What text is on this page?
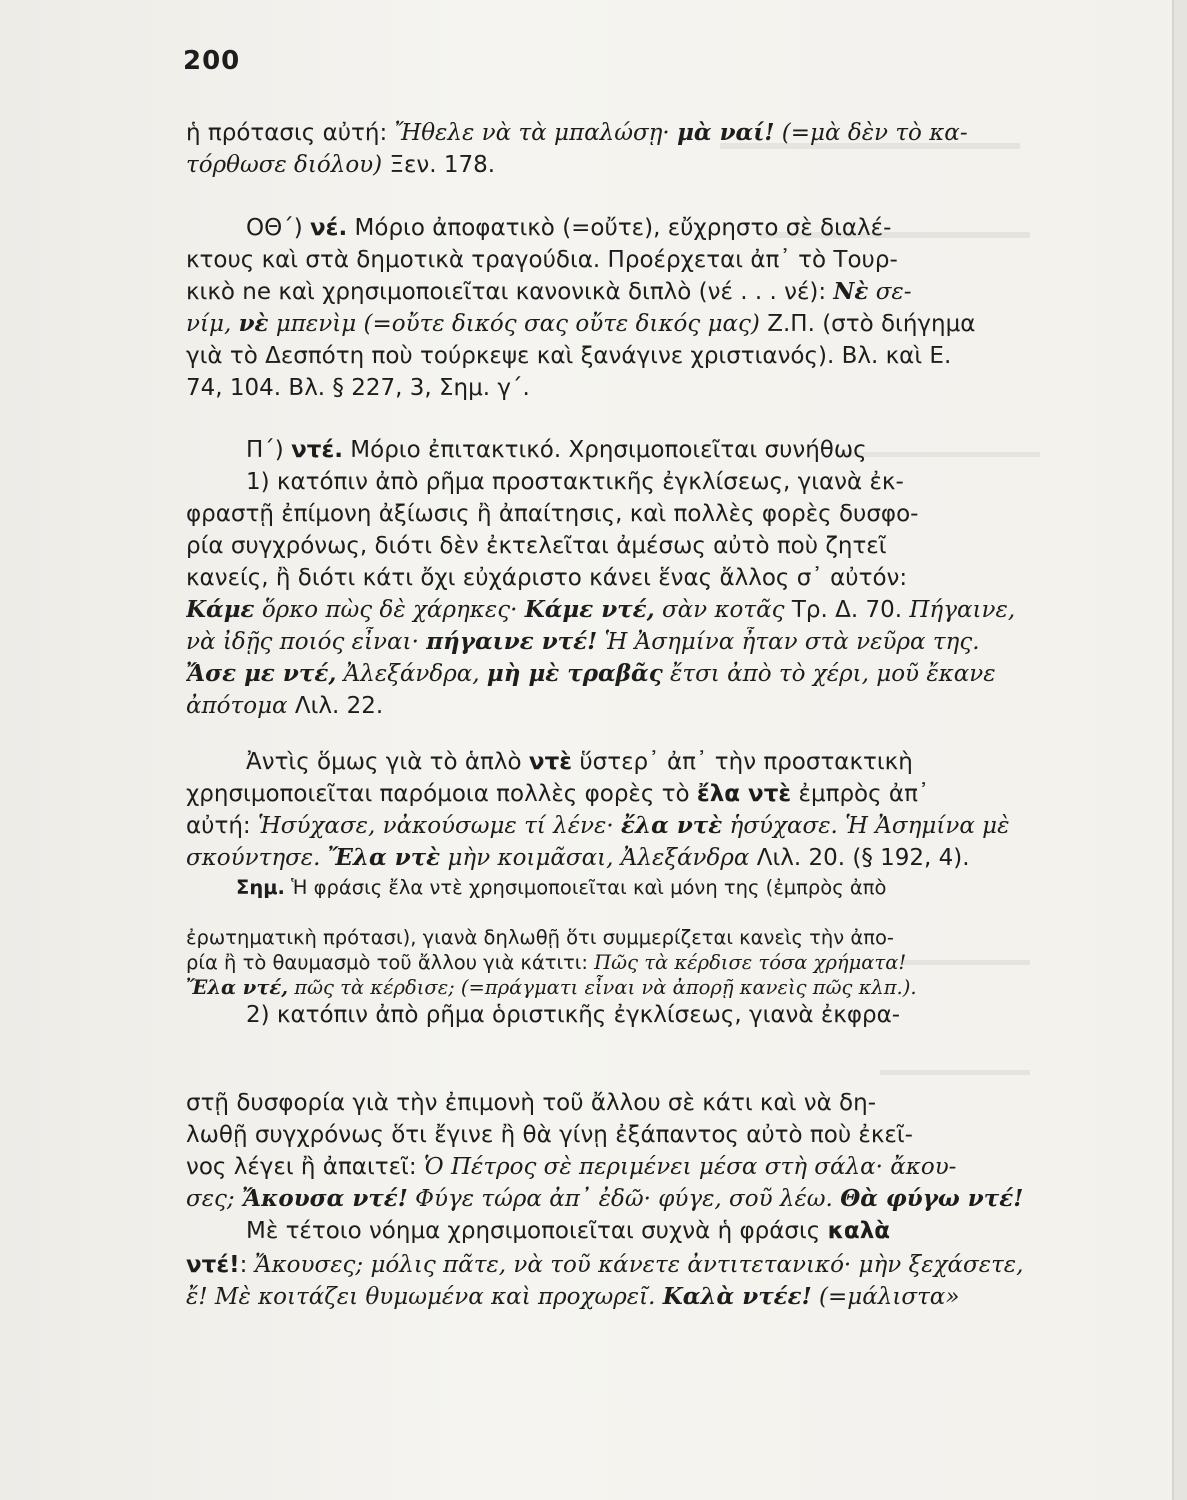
200
ἡ πρότασις αὐτή: Ἤθελε νὰ τὰ μπαλώσῃ· μὰ ναί! (=μὰ δὲν τὸ κα-
τόρθωσε διόλου) Ξεν. 178.
ΟΘ΄) νέ. Μόριο ἀποφατικὸ (=οὔτε), εὔχρηστο σὲ διαλέ-
κτους καὶ στὰ δημοτικὰ τραγούδια. Προέρχεται ἀπ᾿ τὸ Τουρ-
κικὸ ne καὶ χρησιμοποιεῖται κανονικὰ διπλὸ (νέ . . . νέ): Νὲ σε-
νίμ, νὲ μπενὶμ (=οὔτε δικός σας οὔτε δικός μας) Ζ.Π. (στὸ διήγημα
γιὰ τὸ Δεσπότη ποὺ τούρκεψε καὶ ξανάγινε χριστιανός). Βλ. καὶ Ε.
74, 104. Βλ. § 227, 3, Σημ. γ΄.
Π΄) ντέ. Μόριο ἐπιτακτικό. Χρησιμοποιεῖται συνήθως
1) κατόπιν ἀπὸ ρῆμα προστακτικῆς ἐγκλίσεως, γιανὰ ἐκ-
φραστῇ ἐπίμονη ἀξίωσις ἢ ἀπαίτησις, καὶ πολλὲς φορὲς δυσφο-
ρία συγχρόνως, διότι δὲν ἐκτελεῖται ἀμέσως αὐτὸ ποὺ ζητεῖ
κανείς, ἢ διότι κάτι ὄχι εὐχάριστο κάνει ἕνας ἄλλος σ᾿ αὐτόν:
Κάμε ὅρκο πὼς δὲ χάρηκες· Κάμε ντέ, σὰν κοτᾶς Τρ. Δ. 70. Πήγαινε,
νὰ ἰδῇς ποιός εἶναι· πήγαινε ντέ! Ἡ Ἀσημίνα ἦταν στὰ νεῦρα της.
Ἄσε με ντέ, Ἀλεξάνδρα, μὴ μὲ τραβᾶς ἔτσι ἀπὸ τὸ χέρι, μοῦ ἔκανε
ἀπότομα Λιλ. 22.
Ἀντὶς ὅμως γιὰ τὸ ἁπλὸ ντὲ ὕστερ᾿ ἀπ᾿ τὴν προστακτικὴ
χρησιμοποιεῖται παρόμοια πολλὲς φορὲς τὸ ἔλα ντὲ ἐμπρὸς ἀπ᾿
αὐτή: Ἡσύχασε, νἀκούσωμε τί λένε· ἔλα ντὲ ἡσύχασε. Ἡ Ἀσημίνα μὲ
σκούντησε. Ἔλα ντὲ μὴν κοιμᾶσαι, Ἀλεξάνδρα Λιλ. 20. (§ 192, 4).
Σημ. Ἡ φράσις ἔλα ντὲ χρησιμοποιεῖται καὶ μόνη της (ἐμπρὸς ἀπὸ
ἐρωτηματικὴ πρότασι), γιανὰ δηλωθῇ ὅτι συμμερίζεται κανεὶς τὴν ἀπο-
ρία ἢ τὸ θαυμασμὸ τοῦ ἄλλου γιὰ κάτιτι: Πῶς τὰ κέρδισε τόσα χρήματα!
Ἔλα ντέ, πῶς τὰ κέρδισε; (=πράγματι εἶναι νὰ ἀπορῇ κανεὶς πῶς κλπ.).
2) κατόπιν ἀπὸ ρῆμα ὁριστικῆς ἐγκλίσεως, γιανὰ ἐκφρα-
στῇ δυσφορία γιὰ τὴν ἐπιμονὴ τοῦ ἄλλου σὲ κάτι καὶ νὰ δη-
λωθῇ συγχρόνως ὅτι ἔγινε ἢ θὰ γίνῃ ἐξάπαντος αὐτὸ ποὺ ἐκεῖ-
νος λέγει ἢ ἀπαιτεῖ: Ὁ Πέτρος σὲ περιμένει μέσα στὴ σάλα· ἄκου-
σες; Ἄκουσα ντέ! Φύγε τώρα ἀπ᾿ ἐδῶ· φύγε, σοῦ λέω. Θὰ φύγω ντέ!
Μὲ τέτοιο νόημα χρησιμοποιεῖται συχνὰ ἡ φράσις καλὰ
ντέ!: Ἄκουσες; μόλις πᾶτε, νὰ τοῦ κάνετε ἀντιτετανικό· μὴν ξεχάσετε,
ἔ! Μὲ κοιτάζει θυμωμένα καὶ προχωρεῖ. Καλὰ ντέε! (=μάλιστα»
